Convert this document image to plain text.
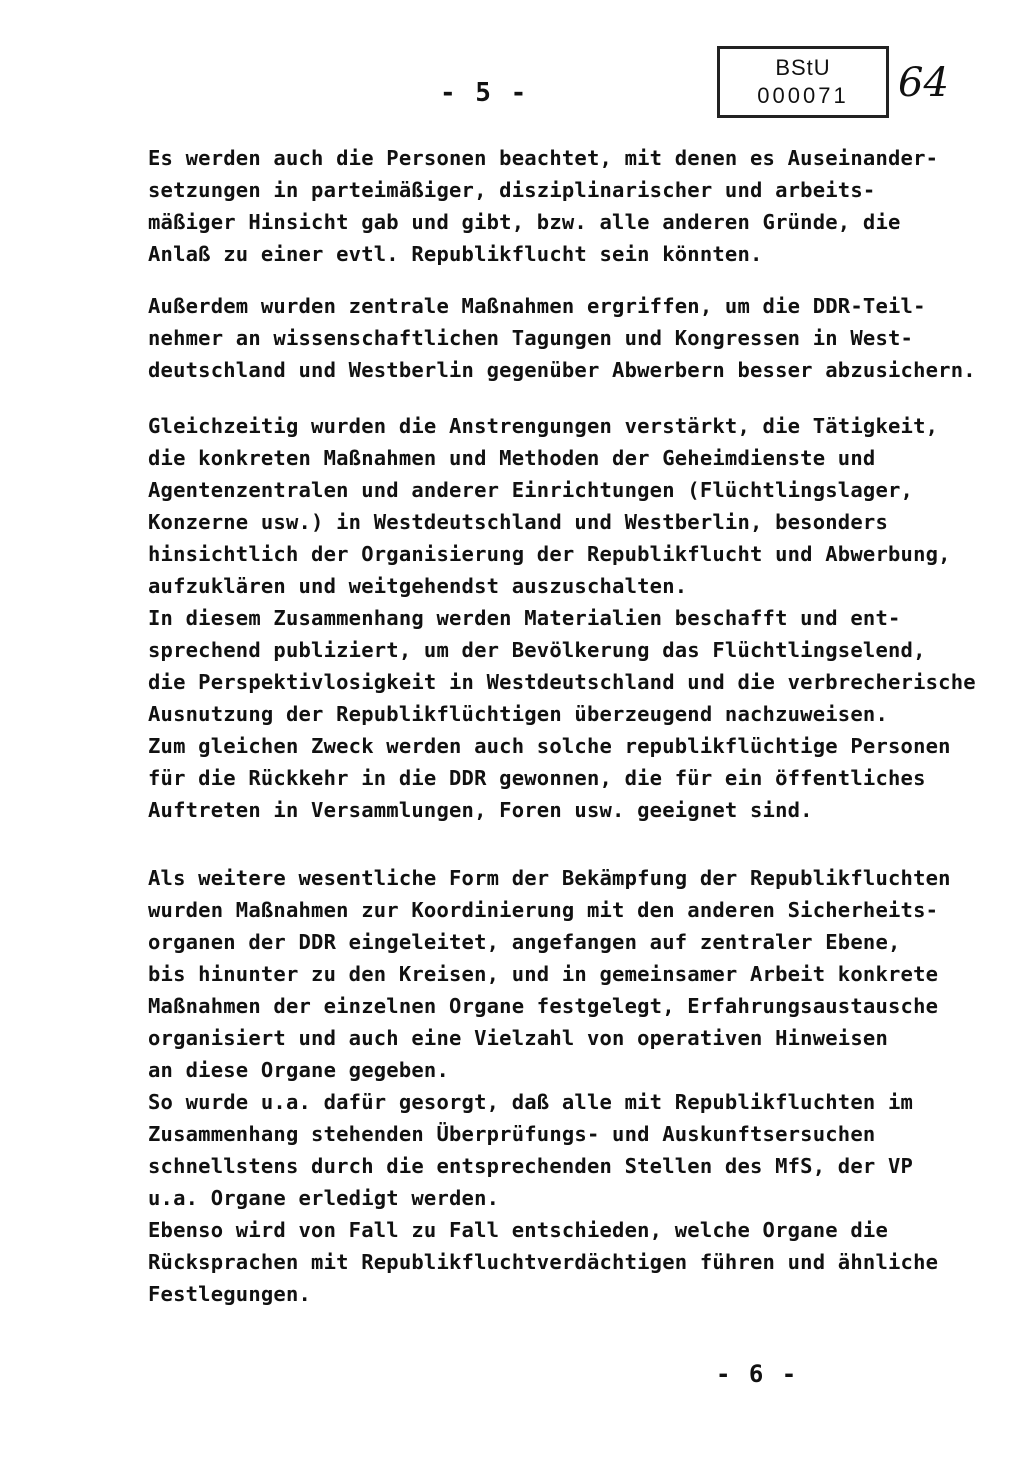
- 5 -
BStU
000071	64
Es werden auch die Personen beachtet, mit denen es Auseinander-
setzungen in parteimäßiger, disziplinarischer und arbeits-
mäßiger Hinsicht gab und gibt, bzw. alle anderen Gründe, die
Anlaß zu einer evtl. Republikflucht sein könnten.
Außerdem wurden zentrale Maßnahmen ergriffen, um die DDR-Teil-
nehmer an wissenschaftlichen Tagungen und Kongressen in West-
deutschland und Westberlin gegenüber Abwerbern besser abzusichern.
Gleichzeitig wurden die Anstrengungen verstärkt, die Tätigkeit,
die konkreten Maßnahmen und Methoden der Geheimdienste und
Agentenzentralen und anderer Einrichtungen (Flüchtlingslager,
Konzerne usw.) in Westdeutschland und Westberlin, besonders
hinsichtlich der Organisierung der Republikflucht und Abwerbung,
aufzuklären und weitgehendst auszuschalten.
In diesem Zusammenhang werden Materialien beschafft und ent-
sprechend publiziert, um der Bevölkerung das Flüchtlingselend,
die Perspektivlosigkeit in Westdeutschland und die verbrecherische
Ausnutzung der Republikflüchtigen überzeugend nachzuweisen.
Zum gleichen Zweck werden auch solche republikflüchtige Personen
für die Rückkehr in die DDR gewonnen, die für ein öffentliches
Auftreten in Versammlungen, Foren usw. geeignet sind.
Als weitere wesentliche Form der Bekämpfung der Republikfluchten
wurden Maßnahmen zur Koordinierung mit den anderen Sicherheits-
organen der DDR eingeleitet, angefangen auf zentraler Ebene,
bis hinunter zu den Kreisen, und in gemeinsamer Arbeit konkrete
Maßnahmen der einzelnen Organe festgelegt, Erfahrungsaustausche
organisiert und auch eine Vielzahl von operativen Hinweisen
an diese Organe gegeben.
So wurde u.a. dafür gesorgt, daß alle mit Republikfluchten im
Zusammenhang stehenden Überprüfungs- und Auskunftsersuchen
schnellstens durch die entsprechenden Stellen des MfS, der VP
u.a. Organe erledigt werden.
Ebenso wird von Fall zu Fall entschieden, welche Organe die
Rücksprachen mit Republikfluchtverdächtigen führen und ähnliche
Festlegungen.
- 6 -
